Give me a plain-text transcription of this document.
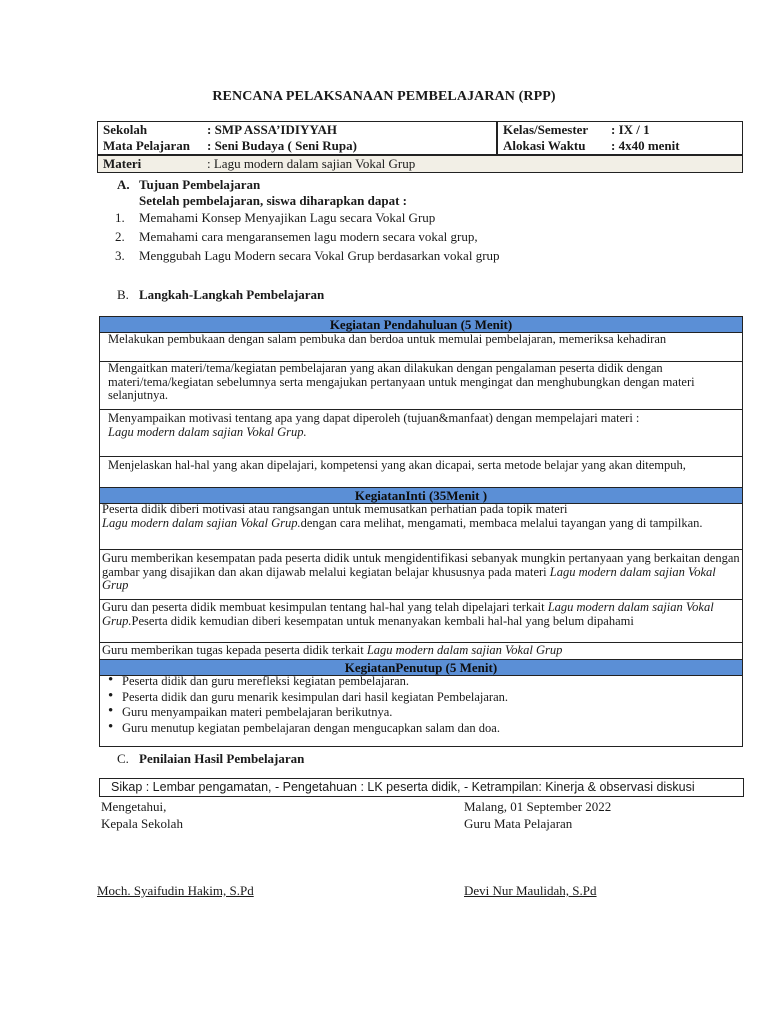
RENCANA PELAKSANAAN PEMBELAJARAN (RPP)
Sekolah	: SMP ASSA’IDIYYAH
Mata Pelajaran : Seni Budaya ( Seni Rupa)
Kelas/Semester : IX / 1
Alokasi Waktu : 4x40 menit
Materi	: Lagu modern dalam sajian Vokal Grup
A. Tujuan Pembelajaran
Setelah pembelajaran, siswa diharapkan dapat :
1. Memahami Konsep Menyajikan Lagu secara Vokal Grup
2. Memahami cara mengaransemen lagu modern secara vokal grup,
3. Menggubah Lagu Modern secara Vokal Grup berdasarkan vokal grup
B. Langkah-Langkah Pembelajaran
Kegiatan Pendahuluan (5 Menit)
Melakukan pembukaan dengan salam pembuka dan berdoa untuk memulai pembelajaran, memeriksa kehadiran
Mengaitkan materi/tema/kegiatan pembelajaran yang akan dilakukan dengan pengalaman peserta didik dengan materi/tema/kegiatan sebelumnya serta mengajukan pertanyaan untuk mengingat dan menghubungkan dengan materi selanjutnya.
Menyampaikan motivasi tentang apa yang dapat diperoleh (tujuan&manfaat) dengan mempelajari materi :
Lagu modern dalam sajian Vokal Grup.
Menjelaskan hal-hal yang akan dipelajari, kompetensi yang akan dicapai, serta metode belajar yang akan ditempuh,
KegiatanInti (35Menit )
Peserta didik diberi motivasi atau rangsangan untuk memusatkan perhatian pada topik materi
Lagu modern dalam sajian Vokal Grup.dengan cara melihat, mengamati, membaca melalui tayangan yang di tampilkan.
Guru memberikan kesempatan pada peserta didik untuk mengidentifikasi sebanyak mungkin pertanyaan yang berkaitan dengan gambar yang disajikan dan akan dijawab melalui kegiatan belajar khususnya pada materi Lagu modern dalam sajian Vokal Grup
Guru dan peserta didik membuat kesimpulan tentang hal-hal yang telah dipelajari terkait Lagu modern dalam sajian Vokal Grup.Peserta didik kemudian diberi kesempatan untuk menanyakan kembali hal-hal yang belum dipahami
Guru memberikan tugas kepada peserta didik terkait Lagu modern dalam sajian Vokal Grup
KegiatanPenutup (5 Menit)
• Peserta didik dan guru merefleksi kegiatan pembelajaran.
• Peserta didik dan guru menarik kesimpulan dari hasil kegiatan Pembelajaran.
• Guru menyampaikan materi pembelajaran berikutnya.
• Guru menutup kegiatan pembelajaran dengan mengucapkan salam dan doa.
C. Penilaian Hasil Pembelajaran
Sikap : Lembar pengamatan, - Pengetahuan : LK peserta didik, - Ketrampilan: Kinerja & observasi diskusi
Mengetahui,
Kepala Sekolah
Moch. Syaifudin Hakim, S.Pd
Malang, 01 September 2022
Guru Mata Pelajaran
Devi Nur Maulidah, S.Pd
